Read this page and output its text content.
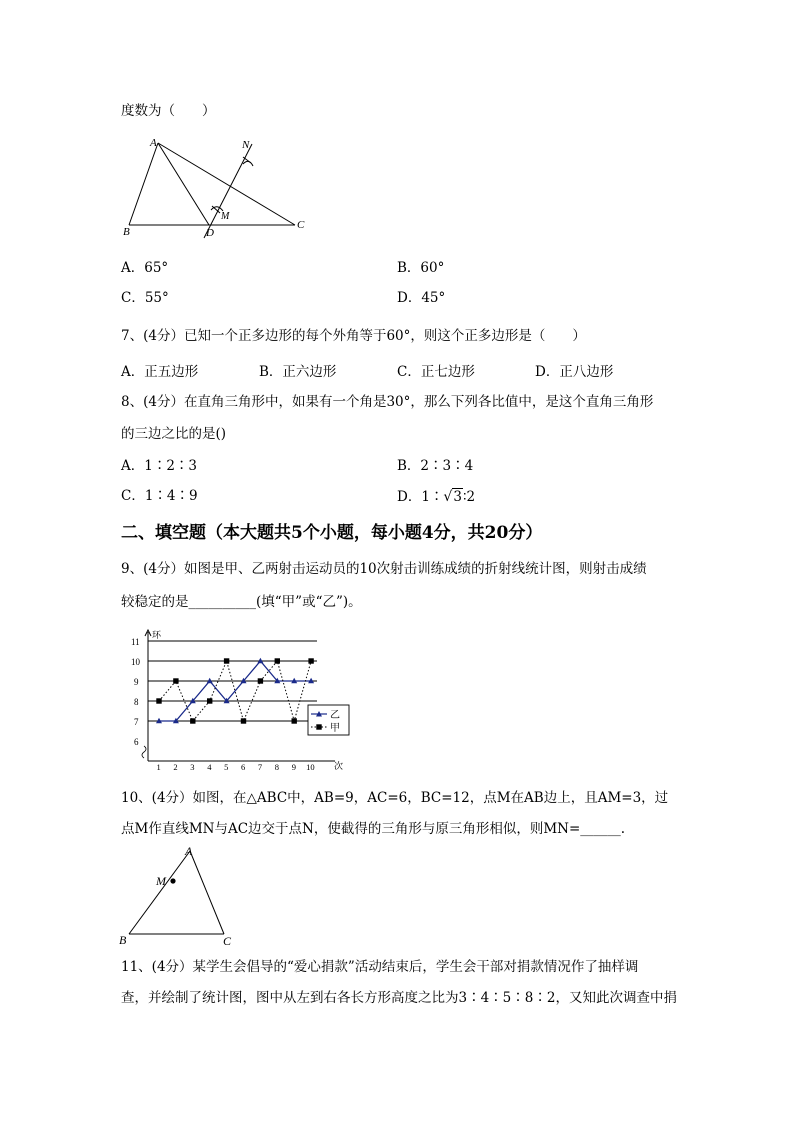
度数为（　　）
A
B
C
D
M
N
A．65°	B．60°
C．55°	D．45°
7、(4分）已知一个正多边形的每个外角等于60°，则这个正多边形是（　　）
A．正五边形	B．正六边形	C．正七边形	D．正八边形
8、(4分）在直角三角形中，如果有一个角是30°，那么下列各比值中，是这个直角三角形
的三边之比的是()
A．1∶2∶3	B．2∶3∶4
C．1∶4∶9	D．1∶√3∶2
二、填空题（本大题共5个小题，每小题4分，共20分）
9、(4分）如图是甲、乙两射击运动员的10次射击训练成绩的折射线统计图，则射击成绩
较稳定的是__________(填“甲”或“乙”)。
6
7
8
9
10
11
环
1 2 3 4 5 6 7 8 9 10 次
乙
甲
10、(4分）如图，在△ABC中，AB=9，AC=6，BC=12，点M在AB边上，且AM=3，过
点M作直线MN与AC边交于点N，使截得的三角形与原三角形相似，则MN=______.
A
B	C
M
11、(4分）某学生会倡导的“爱心捐款”活动结束后，学生会干部对捐款情况作了抽样调
查，并绘制了统计图，图中从左到右各长方形高度之比为3∶4∶5∶8∶2，又知此次调查中捐
